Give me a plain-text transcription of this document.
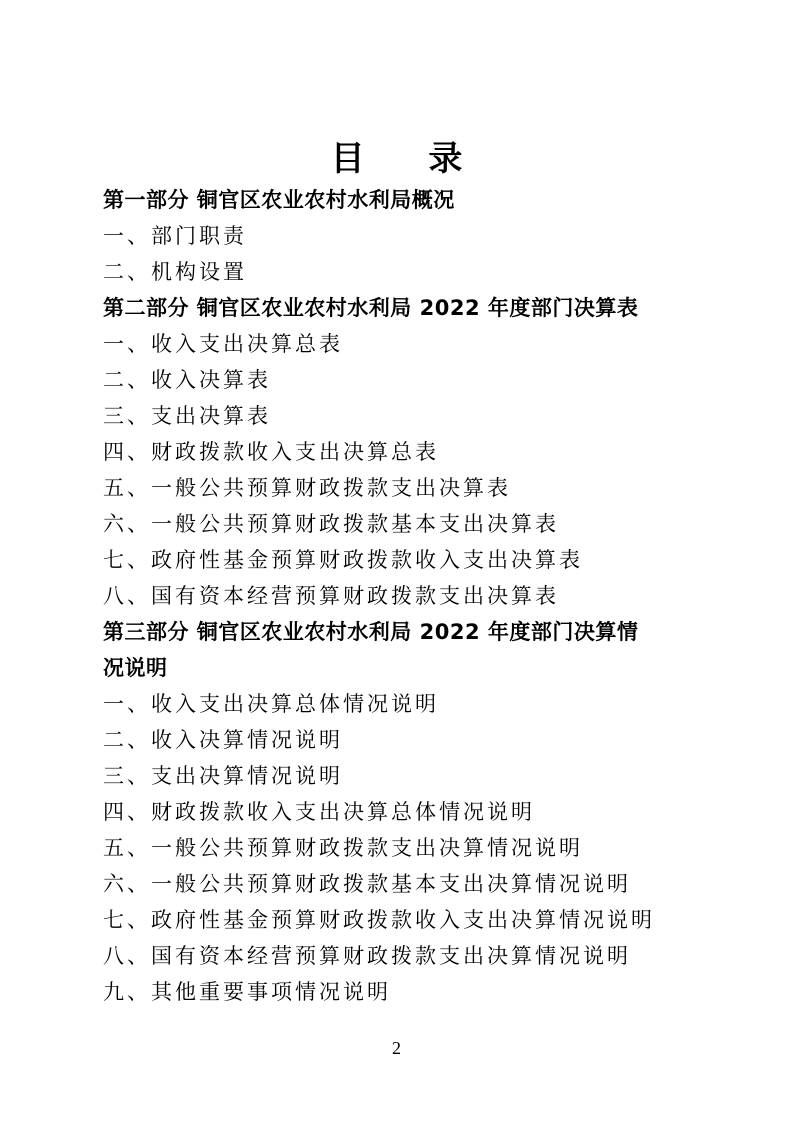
目 录
第一部分 铜官区农业农村水利局概况
一、部门职责
二、机构设置
第二部分 铜官区农业农村水利局 2022 年度部门决算表
一、收入支出决算总表
二、收入决算表
三、支出决算表
四、财政拨款收入支出决算总表
五、一般公共预算财政拨款支出决算表
六、一般公共预算财政拨款基本支出决算表
七、政府性基金预算财政拨款收入支出决算表
八、国有资本经营预算财政拨款支出决算表
第三部分 铜官区农业农村水利局 2022 年度部门决算情
况说明
一、收入支出决算总体情况说明
二、收入决算情况说明
三、支出决算情况说明
四、财政拨款收入支出决算总体情况说明
五、一般公共预算财政拨款支出决算情况说明
六、一般公共预算财政拨款基本支出决算情况说明
七、政府性基金预算财政拨款收入支出决算情况说明
八、国有资本经营预算财政拨款支出决算情况说明
九、其他重要事项情况说明
2
